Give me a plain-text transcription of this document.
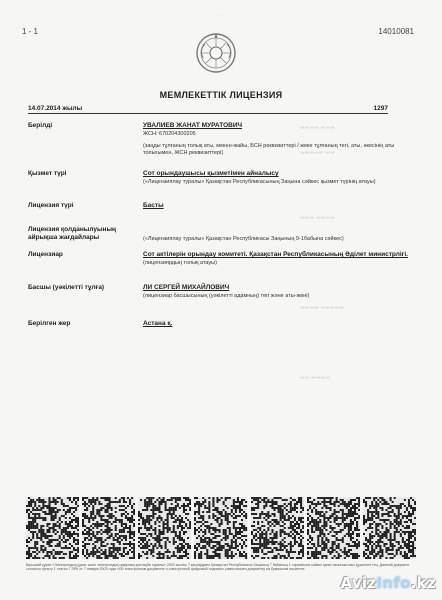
· · · · · · ·
▬▬▬▬ ▬▬▬
▬▬▬▬▬ ▬▬
▬▬▬ ▬▬▬▬
▬▬▬▬ ▬▬▬▬▬
▬▬ ▬▬▬▬
1 - 1	14010081
МЕМЛЕКЕТТІК ЛИЦЕНЗИЯ
14.07.2014 жылы	1297
Берілді	УВАЛИЕВ ЖАНАТ МУРАТОВИЧ
ЖСН: 670204300205
(заңды тұлғаның толық аты, мекен-жайы, БСН реквизиттері / жеке тұлғаның тегі, аты, әкесінің аты толығымен, ЖСН реквизиттері)
Қызмет түрі	Сот орындаушысы қызметімен айналысу
(«Лицензиялау туралы» Қазақстан Республикасының Заңына сәйкес қызмет түрінің атауы)
Лицензия түрі	Басты
Лицензия қолданылуының айрықша жағдайлары	(«Лицензиялау туралы» Қазақстан Республикасы Заңының 9-1бабына сәйкес)
Лицензиар	Сот актілерін орындау комитеті. Қазақстан Республикасының Әділет министрлігі.
(лицензиярдың толық атауы)
Басшы (уәкілетті тұлға)	ЛИ СЕРГЕЙ МИХАЙЛОВИЧ
(лицензиар басшысының (уәкілетті адамның) тегі және аты-жөні)
Берілген жер	Астана қ.
Бірыңғай құжат «Электрондық құжат және электрондық цифрлық қолтаңба туралы» 2003 жылғы 7 қаңтардағы Қазақстан Республикасы Заңының 7 бабының 1 тармағына сәйкес қағаз тасығыштағы құжатпен тең. Данный документ согласно пункту 1 статьи 7 ЗРК от 7 января 2003 года «Об электронном документе и электронной цифровой подписи» равнозначен документу на бумажном носителе.
AvizInfo.kz
